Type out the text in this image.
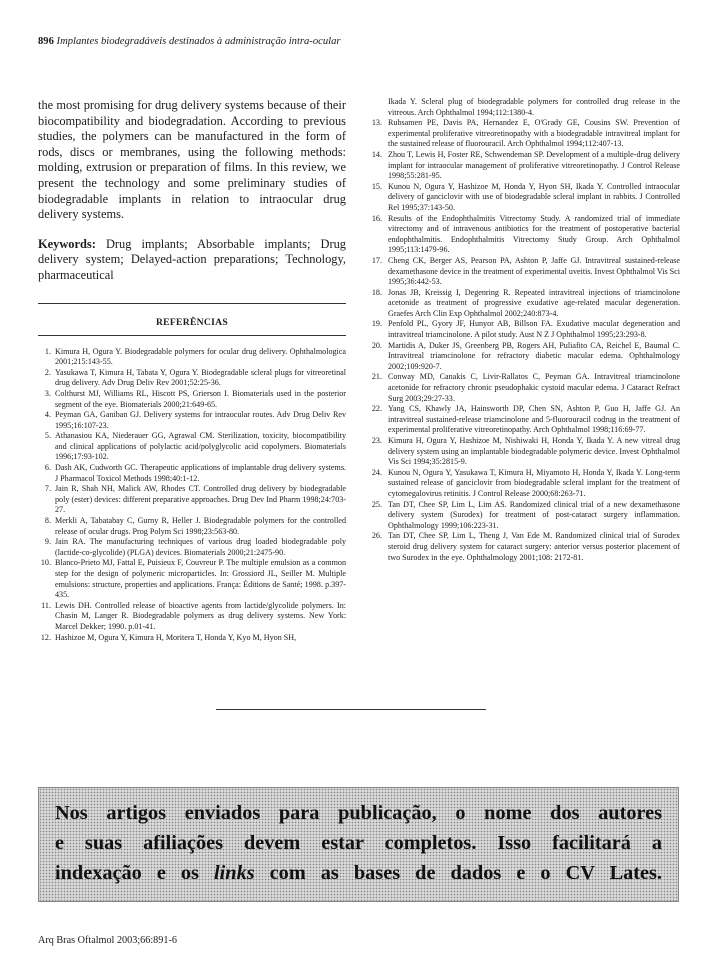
896 Implantes biodegradáveis destinados à administração intra-ocular

the most promising for drug delivery systems because of their biocompatibility and biodegradation. According to previous studies, the polymers can be manufactured in the form of rods, discs or membranes, using the following methods: molding, extrusion or preparation of films. In this review, we present the technology and some preliminary studies of biodegradable implants in relation to intraocular drug delivery systems.

Keywords: Drug implants; Absorbable implants; Drug delivery system; Delayed-action preparations; Technology, pharmaceutical

REFERÊNCIAS
1. Kimura H, Ogura Y. Biodegradable polymers for ocular drug delivery. Ophthalmologica 2001;215:143-55.
2. Yasukawa T, Kimura H, Tabata Y, Ogura Y. Biodegradable scleral plugs for vitreoretinal drug delivery. Adv Drug Deliv Rev 2001;52:25-36.
3. Colthurst MJ, Williams RL, Hiscott PS, Grierson I. Biomaterials used in the posterior segment of the eye. Biomaterials 2000;21:649-65.
4. Peyman GA, Ganiban GJ. Delivery systems for intraocular routes. Adv Drug Deliv Rev 1995;16:107-23.
5. Athanasiou KA, Niederauer GG, Agrawal CM. Sterilization, toxicity, biocompatibility and clinical applications of polylactic acid/polyglycolic acid copolymers. Biomaterials 1996;17:93-102.
6. Dash AK, Cudworth GC. Therapeutic applications of implantable drug delivery systems. J Pharmacol Toxicol Methods 1998;40:1-12.
7. Jain R, Shah NH, Malick AW, Rhodes CT. Controlled drug delivery by biodegradable poly (ester) devices: different preparative approaches. Drug Dev Ind Pharm 1998;24:703-27.
8. Merkli A, Tabatabay C, Gurny R, Heller J. Biodegradable polymers for the controlled release of ocular drugs. Prog Polym Sci 1998;23:563-80.
9. Jain RA. The manufacturing techniques of various drug loaded biodegradable poly (lactide-co-glycolide) (PLGA) devices. Biomaterials 2000;21:2475-90.
10. Blanco-Prieto MJ, Fattal E, Puisieux F, Couvreur P. The multiple emulsion as a common step for the design of polymeric microparticles. In: Grossiord JL, Seiller M. Multiple emulsions: structure, properties and applications. França: Éditions de Santé; 1998. p.397-435.
11. Lewis DH. Controlled release of bioactive agents from lactide/glycolide polymers. In: Chasin M, Langer R. Biodegradable polymers as drug delivery systems. New York: Marcel Dekker; 1990. p.01-41.
12. Hashizoe M, Ogura Y, Kimura H, Moritera T, Honda Y, Kyo M, Hyon SH,

Ikada Y. Scleral plug of biodegradable polymers for controlled drug release in the vitreous. Arch Ophthalmol 1994;112:1380-4.

13. Rubsamen PE, Davis PA, Hernandez E, O'Grady GE, Cousins SW. Prevention of experimental proliferative vitreoretinopathy with a biodegradable intravitreal implant for the sustained release of fluorouracil. Arch Ophthalmol 1994;112:407-13.
14. Zhou T, Lewis H, Foster RE, Schwendeman SP. Development of a multiple-drug delivery implant for intraocular management of proliferative vitreoretinopathy. J Control Release 1998;55:281-95.
15. Kunou N, Ogura Y, Hashizoe M, Honda Y, Hyon SH, Ikada Y. Controlled intraocular delivery of ganciclovir with use of biodegradable scleral implant in rabbits. J Controlled Rel 1995;37:143-50.
16. Results of the Endophthalmitis Vitrectomy Study. A randomized trial of immediate vitrectomy and of intravenous antibiotics for the treatment of postoperative bacterial endophthalmitis. Endophthalmitis Vitrectomy Study Group. Arch Ophthalmol 1995;113:1479-96.
17. Cheng CK, Berger AS, Pearson PA, Ashton P, Jaffe GJ. Intravitreal sustained-release dexamethasone device in the treatment of experimental uveitis. Invest Ophthalmol Vis Sci 1995;36:442-53.
18. Jonas JB, Kreissig I, Degenring R. Repeated intravitreal injections of triamcinolone acetonide as treatment of progressive exudative age-related macular degeneration. Graefes Arch Clin Exp Ophthalmol 2002;240:873-4.
19. Penfold PL, Gyory JF, Hunyor AB, Billson FA. Exudative macular degeneration and intravitreal triamcinolone. A pilot study. Aust N Z J Ophthalmol 1995;23:293-8.
20. Martidis A, Duker JS, Greenberg PB, Rogers AH, Puliafito CA, Reichel E, Baumal C. Intravitreal triamcinolone for refractory diabetic macular edema. Ophthalmology 2002;109:920-7.
21. Conway MD, Canakis C, Livir-Rallatos C, Peyman GA. Intravitreal triamcinolone acetonide for refractory chronic pseudophakic cystoid macular edema. J Cataract Refract Surg 2003;29:27-33.
22. Yang CS, Khawly JA, Hainsworth DP, Chen SN, Ashton P, Guo H, Jaffe GJ. An intravitreal sustained-release triamcinolone and 5-fluorouracil codrug in the treatment of experimental proliferative vitreoretinopathy. Arch Ophthalmol 1998;116:69-77.
23. Kimura H, Ogura Y, Hashizoe M, Nishiwaki H, Honda Y, Ikada Y. A new vitreal drug delivery system using an implantable biodegradable polymeric device. Invest Ophthalmol Vis Sci 1994;35:2815-9.
24. Kunou N, Ogura Y, Yasukawa T, Kimura H, Miyamoto H, Honda Y, Ikada Y. Long-term sustained release of ganciclovir from biodegradable scleral implant for the treatment of cytomegalovirus retinitis. J Control Release 2000;68:263-71.
25. Tan DT, Chee SP, Lim L, Lim AS. Randomized clinical trial of a new dexamethasone delivery system (Surodex) for treatment of post-cataract surgery inflammation. Ophthalmology 1999;106:223-31.
26. Tan DT, Chee SP, Lim L, Theng J, Van Ede M. Randomized clinical trial of Surodex steroid drug delivery system for cataract surgery: anterior versus posterior placement of two Surodex in the eye. Ophthalmology 2001;108: 2172-81.

Nos artigos enviados para publicação, o nome dos autores
e suas afiliações devem estar completos. Isso facilitará a
indexação e os links com as bases de dados e o CV Lates.

Arq Bras Oftalmol 2003;66:891-6
